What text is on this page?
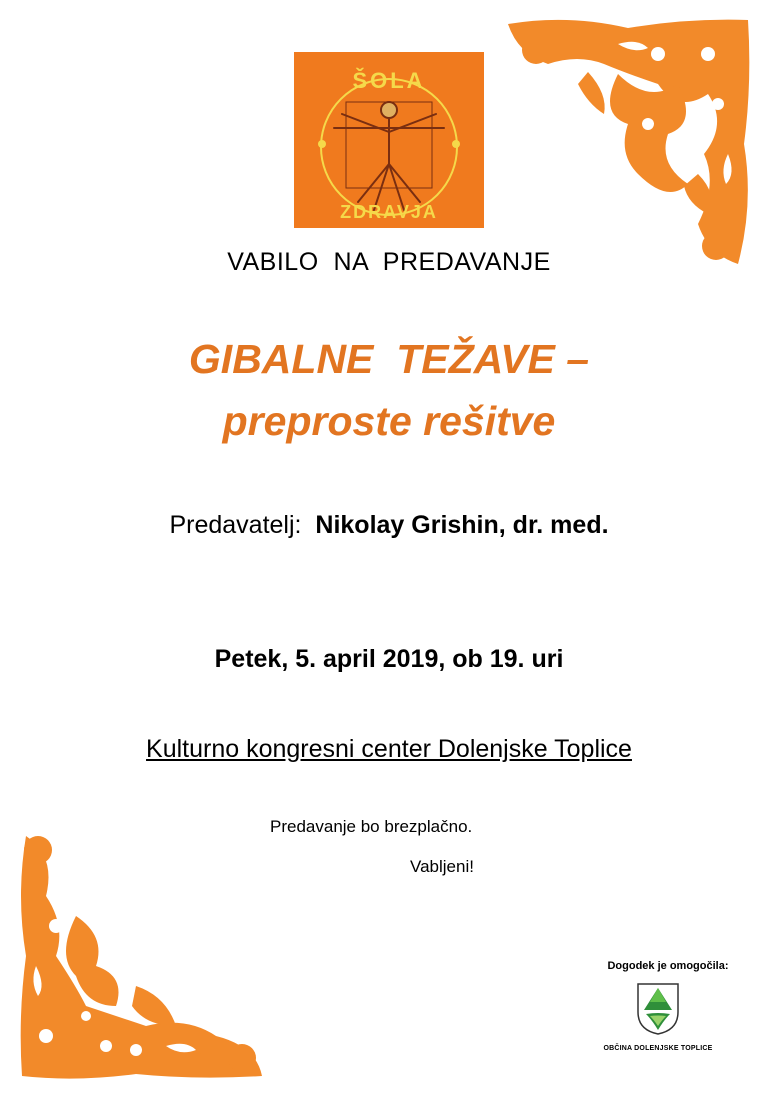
ŠOLA
ZDRAVJA
VABILO  NA  PREDAVANJE
GIBALNE  TEŽAVE –
preproste rešitve
Predavatelj:  Nikolay Grishin, dr. med.
Petek, 5. april 2019, ob 19. uri
Kulturno kongresni center Dolenjske Toplice
Predavanje bo brezplačno.
Vabljeni!
Dogodek je omogočila:
OBČINA DOLENJSKE TOPLICE
